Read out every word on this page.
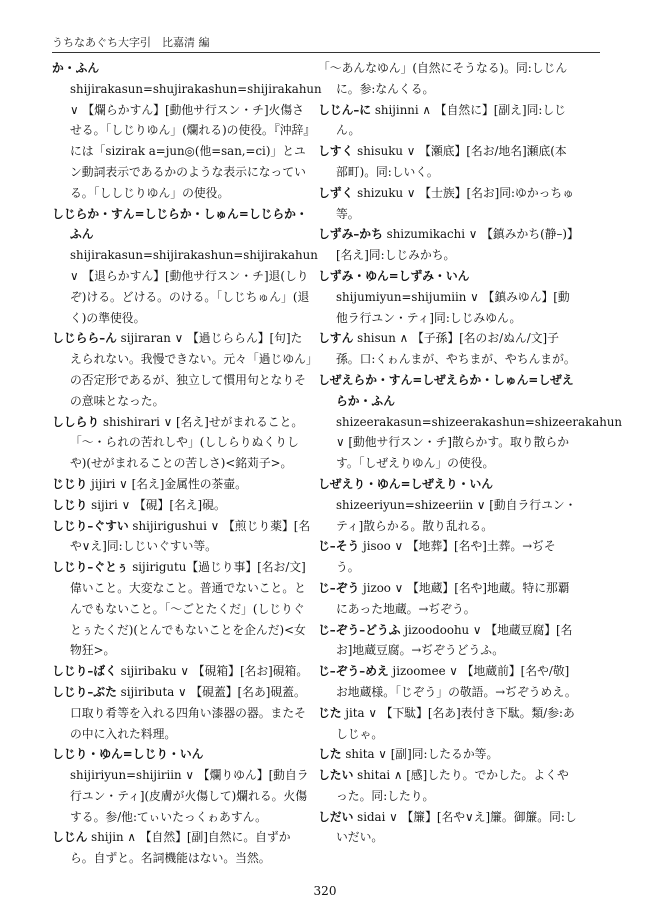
うちなあぐち大字引　比嘉清 編

か・ふん shijirakasun=shujirakashun=shijirakahun ∨ 【爛らかすん】[動他サ行スン・チ]火傷させる。「しじりゆん」(爛れる)の使役。『沖辞』には「sizirak a=jun◎(他=san,=ci)」とユン動詞表示であるかのような表示になっている。「ししじりゆん」の使役。

しじらか・すん=しじらか・しゅん=しじらか・ふん shijirakasun=shijirakashun=shijirakahun ∨ 【退らかすん】[動他サ行スン・チ]退(しりぞ)ける。どける。のける。「しじちゅん」(退く)の準使役。

しじらら–ん sijiraran ∨ 【過じららん】[句]たえられない。我慢できない。元々「過じゆん」の否定形であるが、独立して慣用句となりその意味となった。

ししらり shishirari ∨ [名え]せがまれること。「〜・られの苦れしや」(ししらりぬくりしや)(せがまれることの苦しさ)<銘苅子>。

じじり jijiri ∨ [名え]金属性の茶壷。

しじり sijiri ∨ 【硯】[名え]硯。

しじり–ぐすい shijirigushui ∨ 【煎じり薬】[名や∨え]同:しじいぐすい等。

しじり–ぐとぅ sijirigutu【過じり事】[名お/文]偉いこと。大変なこと。普通でないこと。とんでもないこと。「〜ごとたくだ」(しじりぐとぅたくだ)(とんでもないことを企んだ)<女物狂>。

しじり–ばく sijiribaku ∨ 【硯箱】[名お]硯箱。

しじり–ぶた sijiributa ∨ 【硯蓋】[名あ]硯蓋。口取り肴等を入れる四角い漆器の器。またその中に入れた料理。

しじり・ゆん=しじり・いん shijiriyun=shijiriin ∨ 【爛りゆん】[動自ラ行ユン・ティ](皮膚が火傷して)爛れる。火傷する。参/他:てぃいたっくゎあすん。

しじん shijin ∧ 【自然】[副]自然に。自ずから。自ずと。名詞機能はない。当然。

「〜あんなゆん」(自然にそうなる)。同:しじんに。参:なんくる。

しじん–に shijinni ∧ 【自然に】[副え]同:しじん。

しすく shisuku ∨ 【瀬底】[名お/地名]瀬底(本部町)。同:しいく。

しずく shizuku ∨ 【士族】[名お]同:ゆかっちゅ等。

しずみ–かち shizumikachi ∨ 【鎮みかち(静–)】[名え]同:しじみかち。

しずみ・ゆん=しずみ・いん shijumiyun=shijumiin ∨ 【鎮みゆん】[動他ラ行ユン・ティ]同:しじみゆん。

しすん shisun ∧ 【子孫】[名のお/ぬん/文]子孫。口:くゎんまが、やちまが、やちんまが。

しぜえらか・すん=しぜえらか・しゅん=しぜえらか・ふん shizeerakasun=shizeerakashun=shizeerakahun ∨ [動他サ行スン・チ]散らかす。取り散らかす。「しぜえりゆん」の使役。

しぜえり・ゆん=しぜえり・いん shizeeriyun=shizeeriin ∨ [動自ラ行ユン・ティ]散らかる。散り乱れる。

じ–そう jisoo ∨ 【地葬】[名や]土葬。→ぢそう。

じ–ぞう jizoo ∨ 【地蔵】[名や]地蔵。特に那覇にあった地蔵。→ぢぞう。

じ–ぞう–どうふ jizoodoohu ∨ 【地蔵豆腐】[名お]地蔵豆腐。→ぢぞうどうふ。

じ–ぞう–めえ jizoomee ∨ 【地蔵前】[名や/敬]お地蔵様。「じぞう」の敬語。→ぢぞうめえ。

じた jita ∨ 【下駄】[名あ]表付き下駄。類/参:あしじゃ。

した shita ∨ [副]同:したるか等。

したい shitai ∧ [感]したり。でかした。よくやった。同:したり。

しだい sidai ∨ 【簾】[名や∨え]簾。御簾。同:しいだい。

320
